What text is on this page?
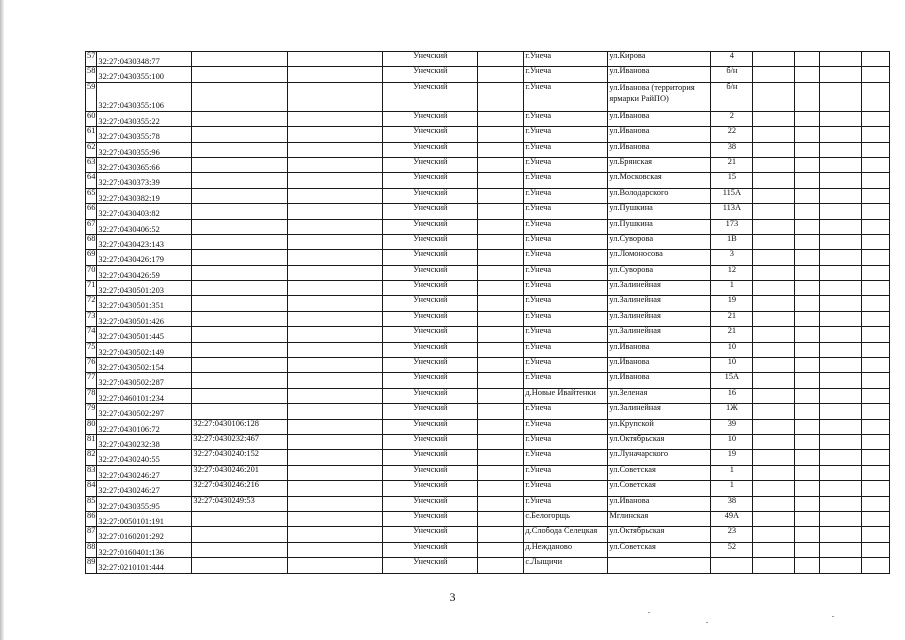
57	32:27:0430348:77			Унечский		г.Унеча	ул.Кирова	4				
58	32:27:0430355:100			Унечский		г.Унеча	ул.Иванова	б/н				
59	32:27:0430355:106			Унечский		г.Унеча	ул.Иванова (территория ярмарки РайПО)	б/н				
60	32:27:0430355:22			Унечский		г.Унеча	ул.Иванова	2				
61	32:27:0430355:78			Унечский		г.Унеча	ул.Иванова	22				
62	32:27:0430355:96			Унечский		г.Унеча	ул.Иванова	38				
63	32:27:0430365:66			Унечский		г.Унеча	ул.Брянская	21				
64	32:27:0430373:39			Унечский		г.Унеча	ул.Московская	15				
65	32:27:0430382:19			Унечский		г.Унеча	ул.Володарского	115А				
66	32:27:0430403:82			Унечский		г.Унеча	ул.Пушкина	113А				
67	32:27:0430406:52			Унечский		г.Унеча	ул.Пушкина	173				
68	32:27:0430423:143			Унечский		г.Унеча	ул.Суворова	1В				
69	32:27:0430426:179			Унечский		г.Унеча	ул.Ломоносова	3				
70	32:27:0430426:59			Унечский		г.Унеча	ул.Суворова	12				
71	32:27:0430501:203			Унечский		г.Унеча	ул.Залинейная	1				
72	32:27:0430501:351			Унечский		г.Унеча	ул.Залинейная	19				
73	32:27:0430501:426			Унечский		г.Унеча	ул.Залинейная	21				
74	32:27:0430501:445			Унечский		г.Унеча	ул.Залинейная	21				
75	32:27:0430502:149			Унечский		г.Унеча	ул.Иванова	10				
76	32:27:0430502:154			Унечский		г.Унеча	ул.Иванова	10				
77	32:27:0430502:287			Унечский		г.Унеча	ул.Иванова	15А				
78	32:27:0460101:234			Унечский		д.Новые Ивайтенки	ул.Зеленая	16				
79	32:27:0430502:297			Унечский		г.Унеча	ул.Залинейная	1Ж				
80	32:27:0430106:72	32:27:0430106:128		Унечский		г.Унеча	ул.Крупской	39				
81	32:27:0430232:38	32:27:0430232:467		Унечский		г.Унеча	ул.Октябрьская	10				
82	32:27:0430240:55	32:27:0430240:152		Унечский		г.Унеча	ул.Луначарского	19				
83	32:27:0430246:27	32:27:0430246:201		Унечский		г.Унеча	ул.Советская	1				
84	32:27:0430246:27	32:27:0430246:216		Унечский		г.Унеча	ул.Советская	1				
85	32:27:0430355:95	32:27:0430249:53		Унечский		г.Унеча	ул.Иванова	38				
86	32:27:0050101:191			Унечский		с.Белогорщь	Мглинская	49А				
87	32:27:0160201:292			Унечский		д.Слобода Селецкая	ул.Октябрьская	23				
88	32:27:0160401:136			Унечский		д.Нежданово	ул.Советская	52				
89	32:27:0210101:444			Унечский		с.Лыщичи						
3
